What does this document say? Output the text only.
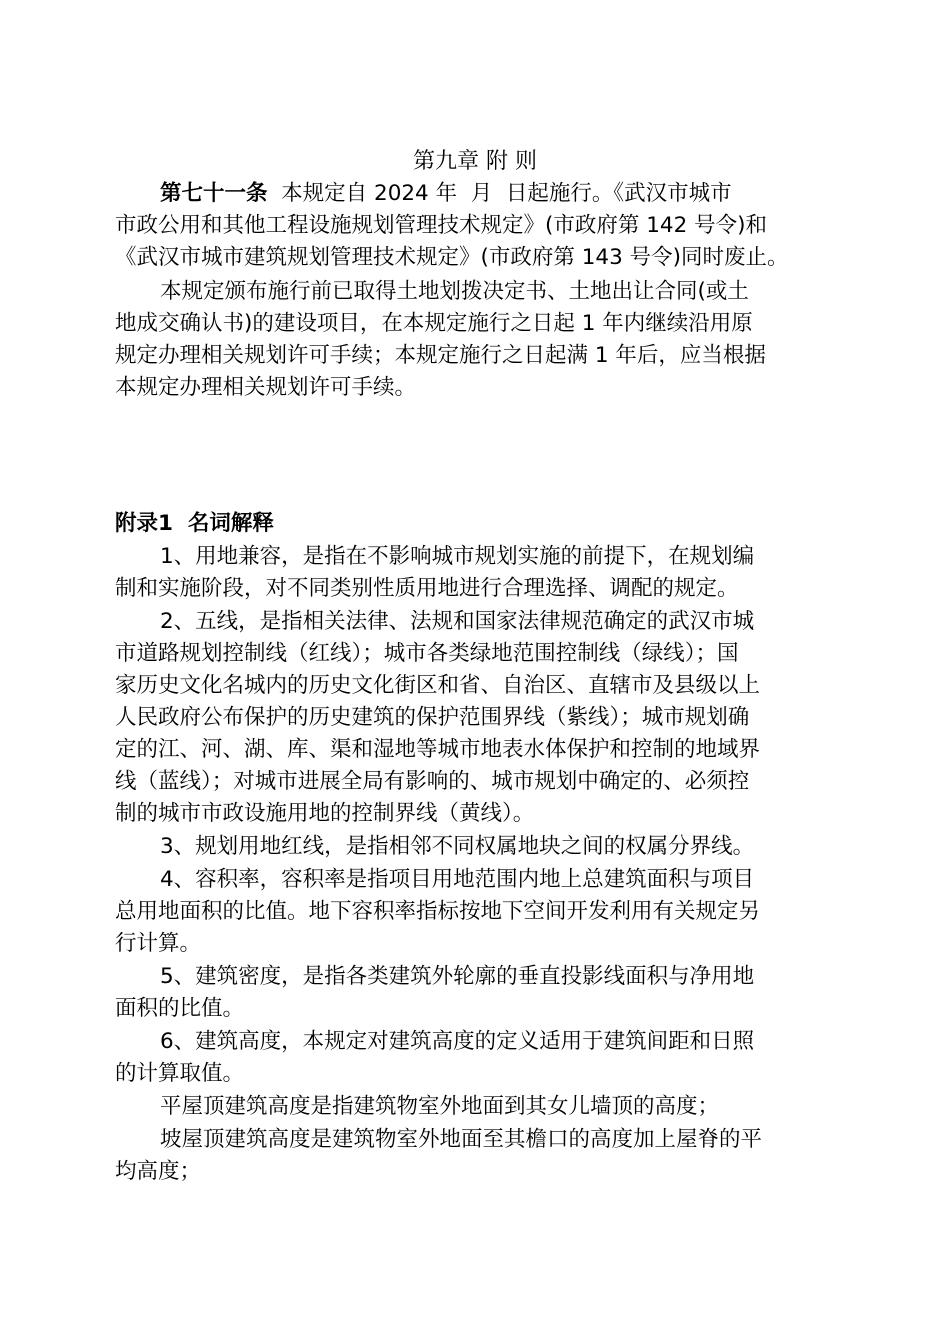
第九章 附 则
第七十一条  本规定自 2024 年  月  日起施行。《武汉市城市
市政公用和其他工程设施规划管理技术规定》(市政府第 142 号令)和
《武汉市城市建筑规划管理技术规定》(市政府第 143 号令)同时废止。
本规定颁布施行前已取得土地划拨决定书、土地出让合同(或土
地成交确认书)的建设项目，在本规定施行之日起 1 年内继续沿用原
规定办理相关规划许可手续；本规定施行之日起满 1 年后，应当根据
本规定办理相关规划许可手续。
附录1  名词解释
1、用地兼容，是指在不影响城市规划实施的前提下，在规划编
制和实施阶段，对不同类别性质用地进行合理选择、调配的规定。
2、五线，是指相关法律、法规和国家法律规范确定的武汉市城
市道路规划控制线（红线）；城市各类绿地范围控制线（绿线）；国
家历史文化名城内的历史文化街区和省、自治区、直辖市及县级以上
人民政府公布保护的历史建筑的保护范围界线（紫线）；城市规划确
定的江、河、湖、库、渠和湿地等城市地表水体保护和控制的地域界
线（蓝线）；对城市进展全局有影响的、城市规划中确定的、必须控
制的城市市政设施用地的控制界线（黄线）。
3、规划用地红线，是指相邻不同权属地块之间的权属分界线。
4、容积率，容积率是指项目用地范围内地上总建筑面积与项目
总用地面积的比值。地下容积率指标按地下空间开发利用有关规定另
行计算。
5、建筑密度，是指各类建筑外轮廓的垂直投影线面积与净用地
面积的比值。
6、建筑高度，本规定对建筑高度的定义适用于建筑间距和日照
的计算取值。
平屋顶建筑高度是指建筑物室外地面到其女儿墙顶的高度；
坡屋顶建筑高度是建筑物室外地面至其檐口的高度加上屋脊的平
均高度；
